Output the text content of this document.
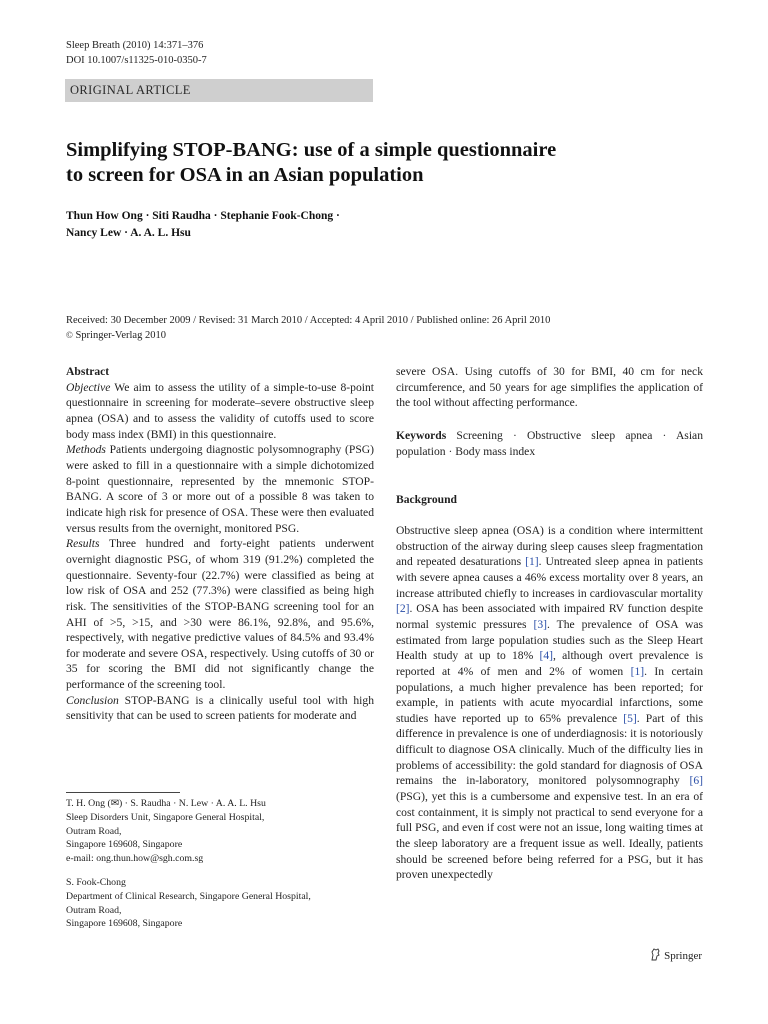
Sleep Breath (2010) 14:371–376
DOI 10.1007/s11325-010-0350-7
ORIGINAL ARTICLE
Simplifying STOP-BANG: use of a simple questionnaire
to screen for OSA in an Asian population
Thun How Ong · Siti Raudha · Stephanie Fook-Chong ·
Nancy Lew · A. A. L. Hsu
Received: 30 December 2009 / Revised: 31 March 2010 / Accepted: 4 April 2010 / Published online: 26 April 2010
© Springer-Verlag 2010

Abstract

Objective We aim to assess the utility of a simple-to-use 8-point questionnaire in screening for moderate–severe obstructive sleep apnea (OSA) and to assess the validity of cutoffs used to score body mass index (BMI) in this questionnaire.

Methods Patients undergoing diagnostic polysomnography (PSG) were asked to fill in a questionnaire with a simple dichotomized 8-point questionnaire, represented by the mnemonic STOP-BANG. A score of 3 or more out of a possible 8 was taken to indicate high risk for presence of OSA. These were then evaluated versus results from the overnight, monitored PSG.

Results Three hundred and forty-eight patients underwent overnight diagnostic PSG, of whom 319 (91.2%) completed the questionnaire. Seventy-four (22.7%) were classified as being at low risk of OSA and 252 (77.3%) were classified as being high risk. The sensitivities of the STOP-BANG screening tool for an AHI of >5, >15, and >30 were 86.1%, 92.8%, and 95.6%, respectively, with negative predictive values of 84.5% and 93.4% for moderate and severe OSA, respectively. Using cutoffs of 30 or 35 for scoring the BMI did not significantly change the performance of the screening tool.

Conclusion STOP-BANG is a clinically useful tool with high sensitivity that can be used to screen patients for moderate and

T. H. Ong (✉) · S. Raudha · N. Lew · A. A. L. Hsu
Sleep Disorders Unit, Singapore General Hospital,
Outram Road,
Singapore 169608, Singapore
e-mail: ong.thun.how@sgh.com.sg
S. Fook-Chong
Department of Clinical Research, Singapore General Hospital,
Outram Road,
Singapore 169608, Singapore

severe OSA. Using cutoffs of 30 for BMI, 40 cm for neck circumference, and 50 years for age simplifies the application of the tool without affecting performance.

Keywords Screening · Obstructive sleep apnea · Asian population · Body mass index

Background

Obstructive sleep apnea (OSA) is a condition where intermittent obstruction of the airway during sleep causes sleep fragmentation and repeated desaturations [1]. Untreated sleep apnea in patients with severe apnea causes a 46% excess mortality over 8 years, an increase attributed chiefly to increases in cardiovascular mortality [2]. OSA has been associated with impaired RV function despite normal systemic pressures [3]. The prevalence of OSA was estimated from large population studies such as the Sleep Heart Health study at up to 18% [4], although overt prevalence is reported at 4% of men and 2% of women [1]. In certain populations, a much higher prevalence has been reported; for example, in patients with acute myocardial infarctions, some studies have reported up to 65% prevalence [5]. Part of this difference in prevalence is one of underdiagnosis: it is notoriously difficult to diagnose OSA clinically. Much of the difficulty lies in problems of accessibility: the gold standard for diagnosis of OSA remains the in-laboratory, monitored polysomnography [6] (PSG), yet this is a cumbersome and expensive test. In an era of cost containment, it is simply not practical to send everyone for a full PSG, and even if cost were not an issue, long waiting times at the sleep laboratory are a frequent issue as well. Ideally, patients should be screened before being referred for a PSG, but it has proven unexpectedly

Springer
